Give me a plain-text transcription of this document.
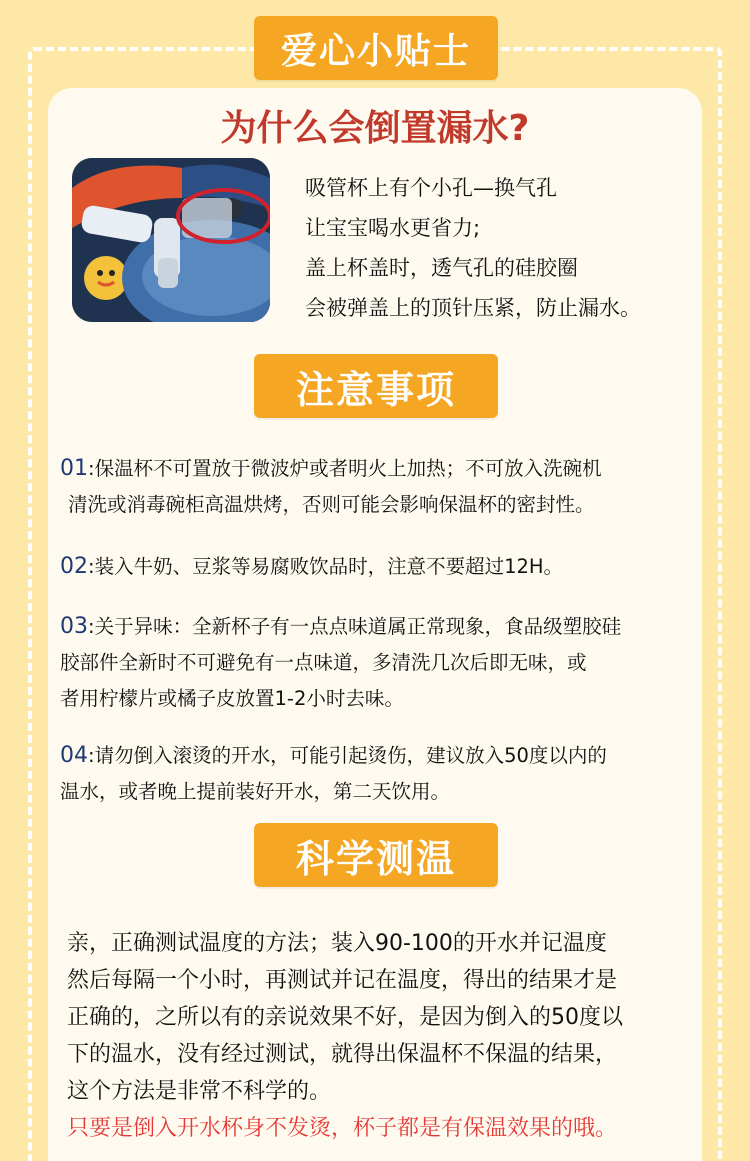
爱心小贴士
为什么会倒置漏水?
吸管杯上有个小孔—换气孔
让宝宝喝水更省力;
盖上杯盖时，透气孔的硅胶圈
会被弹盖上的顶针压紧，防止漏水。
注意事项
01:保温杯不可置放于微波炉或者明火上加热；不可放入洗碗机
清洗或消毒碗柜高温烘烤，否则可能会影响保温杯的密封性。
02:装入牛奶、豆浆等易腐败饮品时，注意不要超过12H。
03:关于异味：全新杯子有一点点味道属正常现象，食品级塑胶硅
胶部件全新时不可避免有一点味道，多清洗几次后即无味，或
者用柠檬片或橘子皮放置1-2小时去味。
04:请勿倒入滚烫的开水，可能引起烫伤，建议放入50度以内的
温水，或者晚上提前装好开水，第二天饮用。
科学测温
亲，正确测试温度的方法；装入90-100的开水并记温度
然后每隔一个小时，再测试并记在温度，得出的结果才是
正确的，之所以有的亲说效果不好，是因为倒入的50度以
下的温水，没有经过测试，就得出保温杯不保温的结果，
这个方法是非常不科学的。
只要是倒入开水杯身不发烫，杯子都是有保温效果的哦。
